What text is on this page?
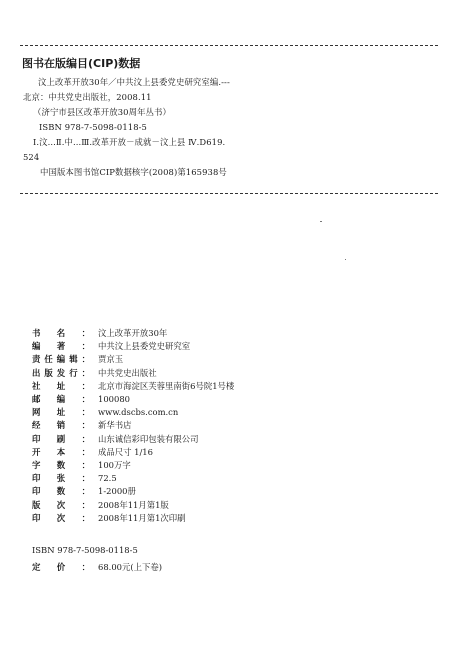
图书在版编目(CIP)数据
汶上改革开放30年／中共汶上县委党史研究室编.---
北京：中共党史出版社，2008.11
（济宁市县区改革开放30周年丛书）
ISBN 978-7-5098-0118-5
Ⅰ.汶...Ⅱ.中...Ⅲ.改革开放－成就－汶上县 Ⅳ.D619.
524
中国版本图书馆CIP数据核字(2008)第165938号
书名： 汶上改革开放30年
编著： 中共汶上县委党史研究室
责任编辑： 贾京玉
出版发行： 中共党史出版社
社址： 北京市海淀区芙蓉里南街6号院1号楼
邮编： 100080
网址： www.dscbs.com.cn
经销： 新华书店
印刷： 山东诚信彩印包装有限公司
开本： 成品尺寸 1/16
字数： 100万字
印张： 72.5
印数： 1-2000册
版次： 2008年11月第1版
印次： 2008年11月第1次印刷
ISBN 978-7-5098-0118-5
定价： 68.00元(上下卷)
